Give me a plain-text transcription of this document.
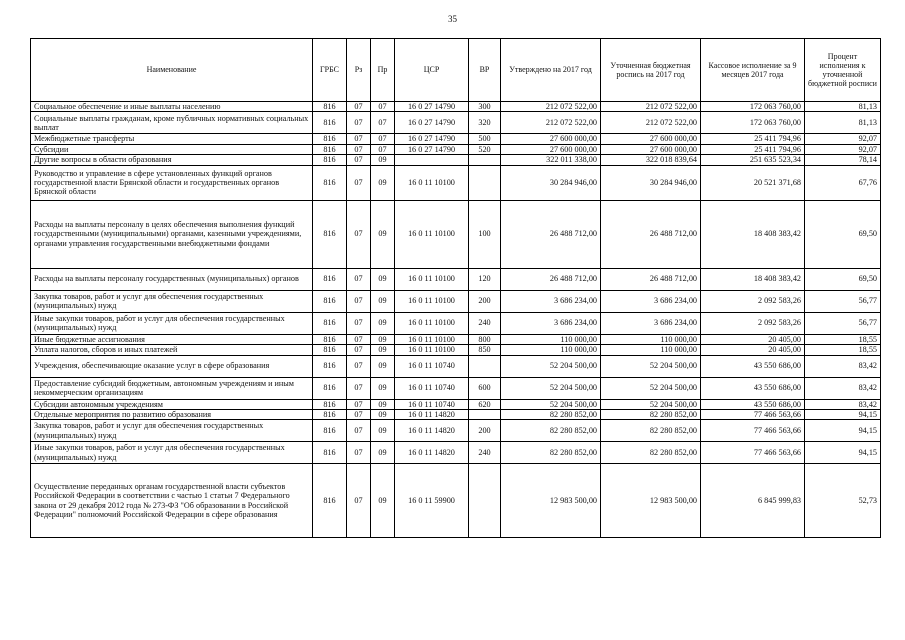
35
Наименование	ГРБС	Рз	Пр	ЦСР	ВР	Утверждено на 2017 год	Уточненная бюджетная роспись на 2017 год	Кассовое исполнение за 9 месяцев 2017 года	Процент исполнения к уточненной бюджетной росписи
Социальное обеспечение и иные выплаты населению	816	07	07	16 0 27 14790	300	212 072 522,00	212 072 522,00	172 063 760,00	81,13
Социальные выплаты гражданам, кроме публичных нормативных социальных выплат	816	07	07	16 0 27 14790	320	212 072 522,00	212 072 522,00	172 063 760,00	81,13
Межбюджетные трансферты	816	07	07	16 0 27 14790	500	27 600 000,00	27 600 000,00	25 411 794,96	92,07
Субсидии	816	07	07	16 0 27 14790	520	27 600 000,00	27 600 000,00	25 411 794,96	92,07
Другие вопросы в области образования	816	07	09			322 011 338,00	322 018 839,64	251 635 523,34	78,14
Руководство и управление в сфере установленных функций органов государственной власти Брянской области и государственных органов Брянской области	816	07	09	16 0 11 10100		30 284 946,00	30 284 946,00	20 521 371,68	67,76
Расходы на выплаты персоналу в целях обеспечения выполнения функций государственными (муниципальными) органами, казенными учреждениями, органами управления государственными внебюджетными фондами	816	07	09	16 0 11 10100	100	26 488 712,00	26 488 712,00	18 408 383,42	69,50
Расходы на выплаты персоналу государственных (муниципальных) органов	816	07	09	16 0 11 10100	120	26 488 712,00	26 488 712,00	18 408 383,42	69,50
Закупка товаров, работ и услуг для обеспечения государственных (муниципальных) нужд	816	07	09	16 0 11 10100	200	3 686 234,00	3 686 234,00	2 092 583,26	56,77
Иные закупки товаров, работ и услуг для обеспечения государственных (муниципальных) нужд	816	07	09	16 0 11 10100	240	3 686 234,00	3 686 234,00	2 092 583,26	56,77
Иные бюджетные ассигнования	816	07	09	16 0 11 10100	800	110 000,00	110 000,00	20 405,00	18,55
Уплата налогов, сборов и иных платежей	816	07	09	16 0 11 10100	850	110 000,00	110 000,00	20 405,00	18,55
Учреждения, обеспечивающие оказание услуг в сфере образования	816	07	09	16 0 11 10740		52 204 500,00	52 204 500,00	43 550 686,00	83,42
Предоставление субсидий бюджетным, автономным учреждениям и иным некоммерческим организациям	816	07	09	16 0 11 10740	600	52 204 500,00	52 204 500,00	43 550 686,00	83,42
Субсидии автономным учреждениям	816	07	09	16 0 11 10740	620	52 204 500,00	52 204 500,00	43 550 686,00	83,42
Отдельные мероприятия по развитию образования	816	07	09	16 0 11 14820		82 280 852,00	82 280 852,00	77 466 563,66	94,15
Закупка товаров, работ и услуг для обеспечения государственных (муниципальных) нужд	816	07	09	16 0 11 14820	200	82 280 852,00	82 280 852,00	77 466 563,66	94,15
Иные закупки товаров, работ и услуг для обеспечения государственных (муниципальных) нужд	816	07	09	16 0 11 14820	240	82 280 852,00	82 280 852,00	77 466 563,66	94,15
Осуществление переданных органам государственной власти субъектов Российской Федерации в соответствии с частью 1 статьи 7 Федерального закона от 29 декабря 2012 года № 273-ФЗ "Об образовании в Российской Федерации" полномочий Российской Федерации в сфере образования	816	07	09	16 0 11 59900		12 983 500,00	12 983 500,00	6 845 999,83	52,73
